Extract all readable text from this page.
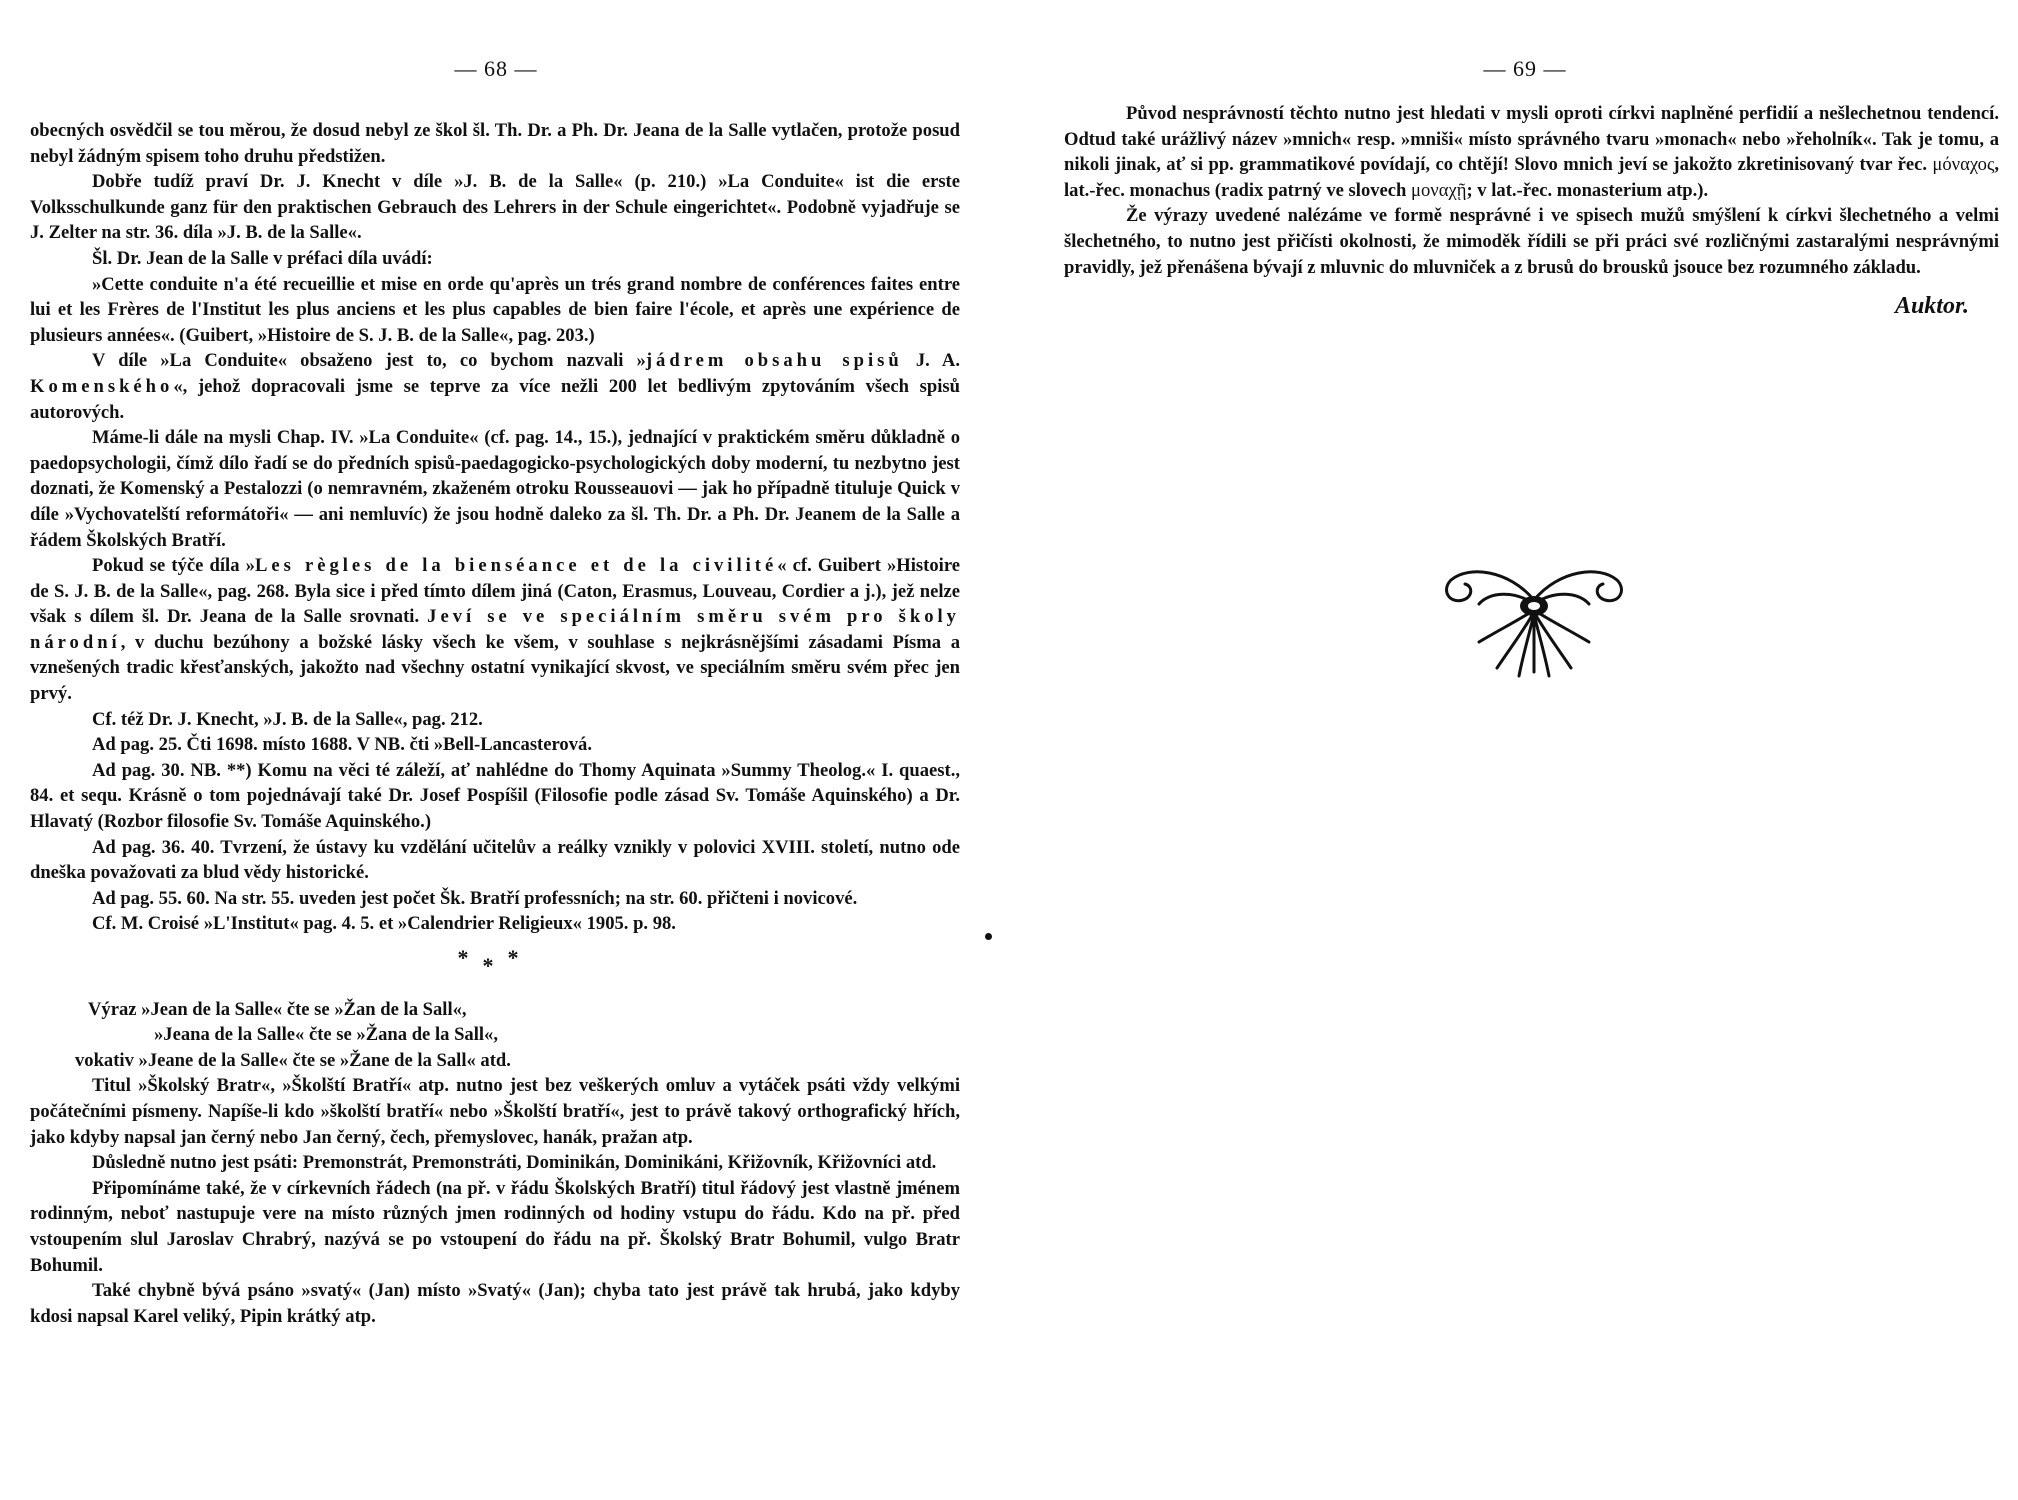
— 68 —

obecných osvědčil se tou měrou, že dosud nebyl ze škol šl. Th. Dr. a Ph. Dr. Jeana de la Salle vytlačen, protože posud nebyl žádným spisem toho druhu předstižen.

Dobře tudíž praví Dr. J. Knecht v díle »J. B. de la Salle« (p. 210.) »La Conduite« ist die erste Volksschulkunde ganz für den praktischen Gebrauch des Lehrers in der Schule eingerichtet«. Podobně vyjadřuje se J. Zelter na str. 36. díla »J. B. de la Salle«.

Šl. Dr. Jean de la Salle v préfaci díla uvádí:

»Cette conduite n'a été recueillie et mise en orde qu'après un trés grand nombre de conférences faites entre lui et les Frères de l'Institut les plus anciens et les plus capables de bien faire l'école, et après une expérience de plusieurs années«. (Guibert, »Histoire de S. J. B. de la Salle«, pag. 203.)

V díle »La Conduite« obsaženo jest to, co bychom nazvali »jádrem obsahu spisů J. A. Komenského«, jehož dopracovali jsme se teprve za více nežli 200 let bedlivým zpytováním všech spisů autorových.

Máme-li dále na mysli Chap. IV. »La Conduite« (cf. pag. 14., 15.), jednající v praktickém směru důkladně o paedopsychologii, čímž dílo řadí se do předních spisů-paedagogicko-psychologických doby moderní, tu nezbytno jest doznati, že Komenský a Pestalozzi (o nemravném, zkaženém otroku Rousseauovi — jak ho případně tituluje Quick v díle »Vychovatelští reformátoři« — ani nemluvíc) že jsou hodně daleko za šl. Th. Dr. a Ph. Dr. Jeanem de la Salle a řádem Školských Bratří.

Pokud se týče díla »Les règles de la bienséance et de la civilité« cf. Guibert »Histoire de S. J. B. de la Salle«, pag. 268. Byla sice i před tímto dílem jiná (Caton, Erasmus, Louveau, Cordier a j.), jež nelze však s dílem šl. Dr. Jeana de la Salle srovnati. Jeví se ve speciálním směru svém pro školy národní, v duchu bezúhony a božské lásky všech ke všem, v souhlase s nejkrásnějšími zásadami Písma a vznešených tradic křesťanských, jakožto nad všechny ostatní vynikající skvost, ve speciálním směru svém přec jen prvý.

Cf. též Dr. J. Knecht, »J. B. de la Salle«, pag. 212.

Ad pag. 25. Čti 1698. místo 1688. V NB. čti »Bell-Lancasterová.

Ad pag. 30. NB. **) Komu na věci té záleží, ať nahlédne do Thomy Aquinata »Summy Theolog.« I. quaest., 84. et sequ. Krásně o tom pojednávají také Dr. Josef Pospíšil (Filosofie podle zásad Sv. Tomáše Aquinského) a Dr. Hlavatý (Rozbor filosofie Sv. Tomáše Aquinského.)

Ad pag. 36. 40. Tvrzení, že ústavy ku vzdělání učitelův a reálky vznikly v polovici XVIII. století, nutno ode dneška považovati za blud vědy historické.

Ad pag. 55. 60. Na str. 55. uveden jest počet Šk. Bratří professních; na str. 60. přičteni i novicové.

Cf. M. Croisé »L'Institut« pag. 4. 5. et »Calendrier Religieux« 1905. p. 98.

***

Výraz »Jean de la Salle« čte se »Žan de la Sall«,

»Jeana de la Salle« čte se »Žana de la Sall«,

vokativ »Jeane de la Salle« čte se »Žane de la Sall« atd.

Titul »Školský Bratr«, »Školští Bratří« atp. nutno jest bez veškerých omluv a vytáček psáti vždy velkými počátečními písmeny. Napíše-li kdo »školští bratří« nebo »Školští bratří«, jest to právě takový orthografický hřích, jako kdyby napsal jan černý nebo Jan černý, čech, přemyslovec, hanák, pražan atp.

Důsledně nutno jest psáti: Premonstrát, Premonstráti, Dominikán, Dominikáni, Křižovník, Křižovníci atd.

Připomínáme také, že v církevních řádech (na př. v řádu Školských Bratří) titul řádový jest vlastně jménem rodinným, neboť nastupuje vere na místo různých jmen rodinných od hodiny vstupu do řádu. Kdo na př. před vstoupením slul Jaroslav Chrabrý, nazývá se po vstoupení do řádu na př. Školský Bratr Bohumil, vulgo Bratr Bohumil.

Také chybně bývá psáno »svatý« (Jan) místo »Svatý« (Jan); chyba tato jest právě tak hrubá, jako kdyby kdosi napsal Karel veliký, Pipin krátký atp.

— 69 —

Původ nesprávností těchto nutno jest hledati v mysli oproti církvi naplněné perfidií a nešlechetnou tendencí. Odtud také urážlivý název »mnich« resp. »mniši« místo správného tvaru »monach« nebo »řeholník«. Tak je tomu, a nikoli jinak, ať si pp. grammatikové povídají, co chtějí! Slovo mnich jeví se jakožto zkretinisovaný tvar řec. μόναχος, lat.-řec. monachus (radix patrný ve slovech μοναχῇ; v lat.-řec. monasterium atp.).

Že výrazy uvedené nalézáme ve formě nesprávné i ve spisech mužů smýšlení k církvi šlechetného a velmi šlechetného, to nutno jest přičísti okolnosti, že mimoděk řídili se při práci své rozličnými zastaralými nesprávnými pravidly, jež přenášena bývají z mluvnic do mluvniček a z brusů do brousků jsouce bez rozumného základu.

Auktor.
